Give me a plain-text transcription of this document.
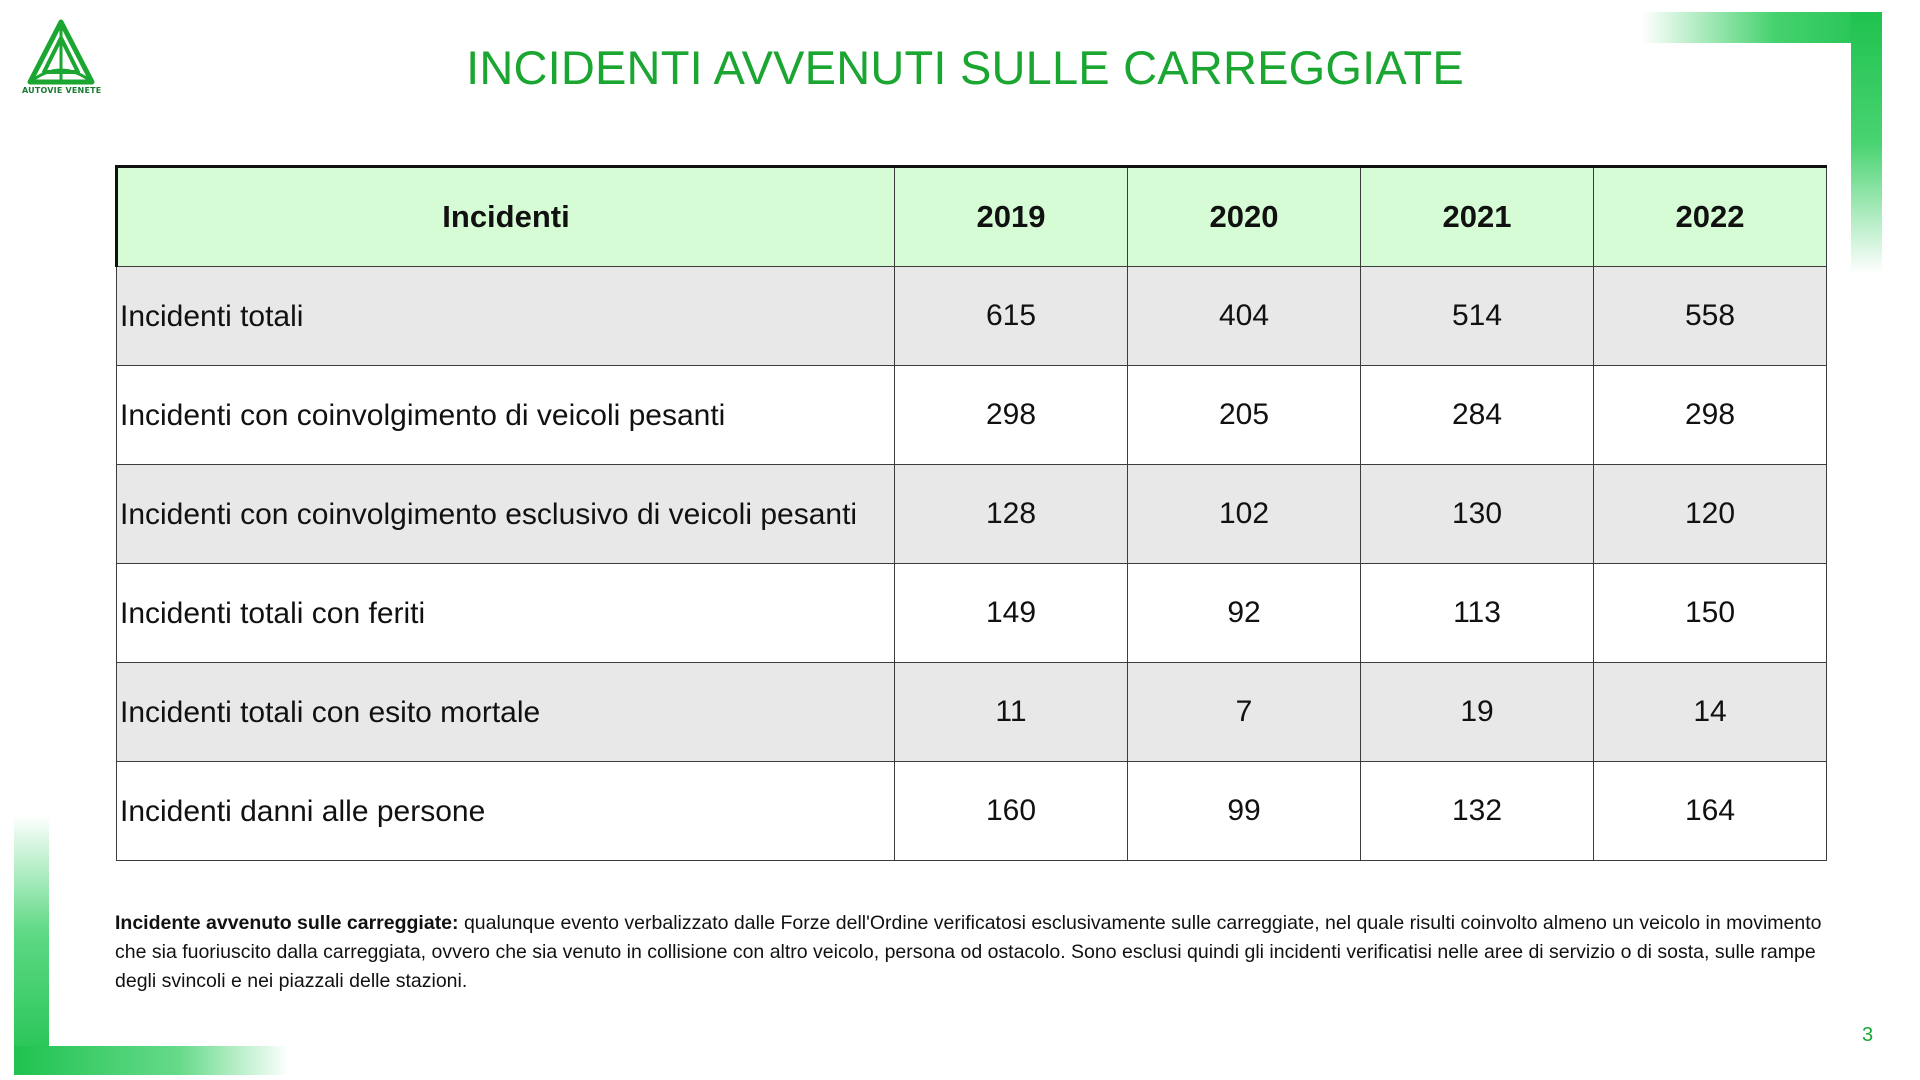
AUTOVIE VENETE	INCIDENTI AVVENUTI SULLE CARREGGIATE
Incidenti	2019	2020	2021	2022
Incidenti totali	615	404	514	558
Incidenti con coinvolgimento di veicoli pesanti	298	205	284	298
Incidenti con coinvolgimento esclusivo di veicoli pesanti	128	102	130	120
Incidenti totali con feriti	149	92	113	150
Incidenti totali con esito mortale	11	7	19	14
Incidenti danni alle persone	160	99	132	164

Incidente avvenuto sulle carreggiate: qualunque evento verbalizzato dalle Forze dell'Ordine verificatosi esclusivamente sulle carreggiate, nel quale risulti coinvolto almeno un veicolo in movimento che sia fuoriuscito dalla carreggiata, ovvero che sia venuto in collisione con altro veicolo, persona od ostacolo. Sono esclusi quindi gli incidenti verificatisi nelle aree di servizio o di sosta, sulle rampe degli svincoli e nei piazzali delle stazioni.

3
